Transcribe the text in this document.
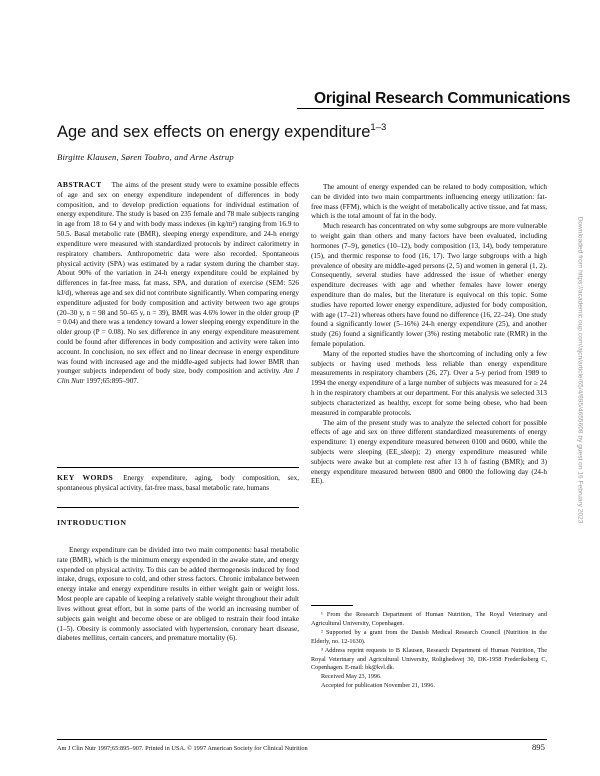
Original Research Communications
Age and sex effects on energy expenditure$^{1-3}$
Birgitte Klausen, Søren Toubro, and Arne Astrup

ABSTRACT The aims of the present study were to examine possible effects of age and sex on energy expenditure independent of differences in body composition, and to develop prediction equations for individual estimation of energy expenditure. The study is based on 235 female and 78 male subjects ranging in age from 18 to 64 y and with body mass indexes (in kg/m²) ranging from 16.9 to 50.5. Basal metabolic rate (BMR), sleeping energy expenditure, and 24-h energy expenditure were measured with standardized protocols by indirect calorimetry in respiratory chambers. Anthropometric data were also recorded. Spontaneous physical activity (SPA) was estimated by a radar system during the chamber stay. About 90% of the variation in 24-h energy expenditure could be explained by differences in fat-free mass, fat mass, SPA, and duration of exercise (SEM: 526 kJ/d), whereas age and sex did not contribute significantly. When comparing energy expenditure adjusted for body composition and activity between two age groups (20–30 y, n = 98 and 50–65 y, n = 39), BMR was 4.6% lower in the older group (P = 0.04) and there was a tendency toward a lower sleeping energy expenditure in the older group (P = 0.08). No sex difference in any energy expenditure measurement could be found after differences in body composition and activity were taken into account. In conclusion, no sex effect and no linear decrease in energy expenditure was found with increased age and the middle-aged subjects had lower BMR than younger subjects independent of body size, body composition and activity. Am J Clin Nutr 1997;65:895–907.

KEY WORDS Energy expenditure, aging, body composition, sex, spontaneous physical activity, fat-free mass, basal metabolic rate, humans

INTRODUCTION

Energy expenditure can be divided into two main components: basal metabolic rate (BMR), which is the minimum energy expended in the awake state, and energy expended on physical activity. To this can be added thermogenesis induced by food intake, drugs, exposure to cold, and other stress factors. Chronic imbalance between energy intake and energy expenditure results in either weight gain or weight loss. Most people are capable of keeping a relatively stable weight throughout their adult lives without great effort, but in some parts of the world an increasing number of subjects gain weight and become obese or are obliged to restrain their food intake (1–5). Obesity is commonly associated with hypertension, coronary heart disease, diabetes mellitus, certain cancers, and premature mortality (6).

The amount of energy expended can be related to body composition, which can be divided into two main compartments influencing energy utilization: fat-free mass (FFM), which is the weight of metabolically active tissue, and fat mass, which is the total amount of fat in the body.

Much research has concentrated on why some subgroups are more vulnerable to weight gain than others and many factors have been evaluated, including hormones (7–9), genetics (10–12), body composition (13, 14), body temperature (15), and thermic response to food (16, 17). Two large subgroups with a high prevalence of obesity are middle-aged persons (2, 5) and women in general (1, 2). Consequently, several studies have addressed the issue of whether energy expenditure decreases with age and whether females have lower energy expenditure than do males, but the literature is equivocal on this topic. Some studies have reported lower energy expenditure, adjusted for body composition, with age (17–21) whereas others have found no difference (16, 22–24). One study found a significantly lower (5–16%) 24-h energy expenditure (25), and another study (26) found a significantly lower (3%) resting metabolic rate (RMR) in the female population.

Many of the reported studies have the shortcoming of including only a few subjects or having used methods less reliable than energy expenditure measurements in respiratory chambers (26, 27). Over a 5-y period from 1989 to 1994 the energy expenditure of a large number of subjects was measured for ≥ 24 h in the respiratory chambers at our department. For this analysis we selected 313 subjects characterized as healthy, except for some being obese, who had been measured in comparable protocols.

The aim of the present study was to analyze the selected cohort for possible effects of age and sex on three different standardized measurements of energy expenditure: 1) energy expenditure measured between 0100 and 0600, while the subjects were sleeping (EE_sleep); 2) energy expenditure measured while subjects were awake but at complete rest after 13 h of fasting (BMR); and 3) energy expenditure measured between 0800 and 0800 the following day (24-h EE).

¹ From the Research Department of Human Nutrition, The Royal Veterinary and Agricultural University, Copenhagen.

² Supported by a grant from the Danish Medical Research Council (Nutrition in the Elderly, no. 12-1630).

³ Address reprint requests to B Klausen, Research Department of Human Nutrition, The Royal Veterinary and Agricultural University, Rolighedsvej 30, DK-1958 Frederiksberg C, Copenhagen. E-mail: bk@kvl.dk.

Received May 23, 1996.

Accepted for publication November 21, 1996.

Am J Clin Nutr 1997;65:895–907. Printed in USA. © 1997 American Society for Clinical Nutrition	895
Downloaded from https://academic.oup.com/ajcn/article/65/4/895/4655608 by guest on 16 February 2023
